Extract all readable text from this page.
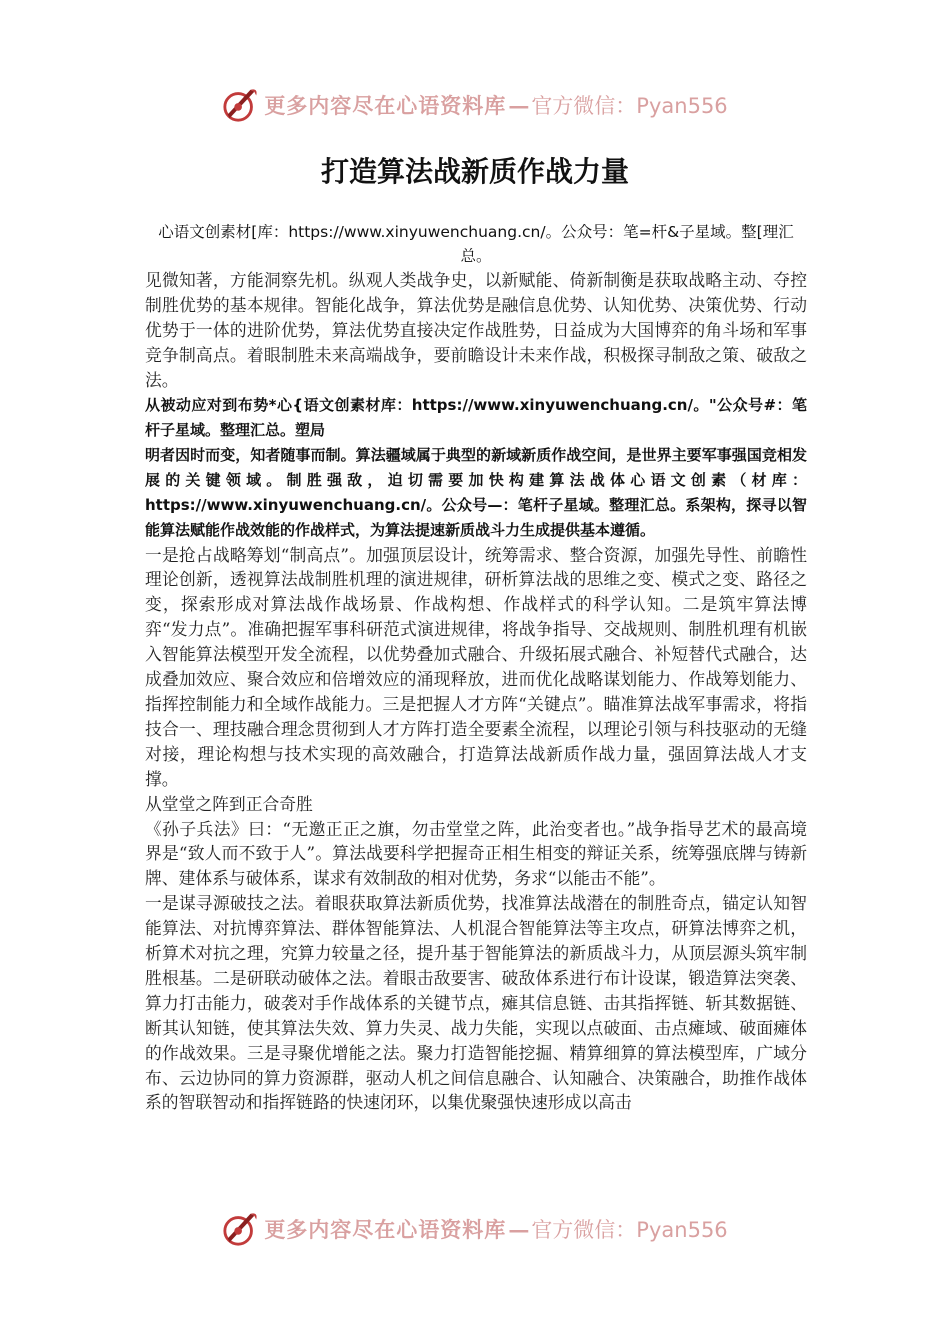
更多内容尽在心语资料库 — 官方微信：Pyan556
打造算法战新质作战力量

心语文创素材[库：https://www.xinyuwenchuang.cn/。公众号：笔=杆&子星域。整[理汇总。

见微知著，方能洞察先机。纵观人类战争史，以新赋能、倚新制衡是获取战略主动、夺控制胜优势的基本规律。智能化战争，算法优势是融信息优势、认知优势、决策优势、行动优势于一体的进阶优势，算法优势直接决定作战胜势，日益成为大国博弈的角斗场和军事竞争制高点。着眼制胜未来高端战争，要前瞻设计未来作战，积极探寻制敌之策、破敌之法。

从被动应对到布势*心{语文创素材库：https://www.xinyuwenchuang.cn/。"公众号#：笔杆子星域。整理汇总。塑局

明者因时而变，知者随事而制。算法疆域属于典型的新域新质作战空间，是世界主要军事强国竞相发展的关键领域。制胜强敌，迫切需要加快构建算法战体心语文创素（材库：https://www.xinyuwenchuang.cn/。公众号—：笔杆子星域。整理汇总。系架构，探寻以智能算法赋能作战效能的作战样式，为算法提速新质战斗力生成提供基本遵循。

一是抢占战略筹划“制高点”。加强顶层设计，统筹需求、整合资源，加强先导性、前瞻性理论创新，透视算法战制胜机理的演进规律，研析算法战的思维之变、模式之变、路径之变，探索形成对算法战作战场景、作战构想、作战样式的科学认知。二是筑牢算法博弈“发力点”。准确把握军事科研范式演进规律，将战争指导、交战规则、制胜机理有机嵌入智能算法模型开发全流程，以优势叠加式融合、升级拓展式融合、补短替代式融合，达成叠加效应、聚合效应和倍增效应的涌现释放，进而优化战略谋划能力、作战筹划能力、指挥控制能力和全域作战能力。三是把握人才方阵“关键点”。瞄准算法战军事需求，将指技合一、理技融合理念贯彻到人才方阵打造全要素全流程，以理论引领与科技驱动的无缝对接，理论构想与技术实现的高效融合，打造算法战新质作战力量，强固算法战人才支撑。

从堂堂之阵到正合奇胜

《孙子兵法》曰：“无邀正正之旗，勿击堂堂之阵，此治变者也。”战争指导艺术的最高境界是“致人而不致于人”。算法战要科学把握奇正相生相变的辩证关系，统筹强底牌与铸新牌、建体系与破体系，谋求有效制敌的相对优势，务求“以能击不能”。

一是谋寻源破技之法。着眼获取算法新质优势，找准算法战潜在的制胜奇点，锚定认知智能算法、对抗博弈算法、群体智能算法、人机混合智能算法等主攻点，研算法博弈之机，析算术对抗之理，究算力较量之径，提升基于智能算法的新质战斗力，从顶层源头筑牢制胜根基。二是研联动破体之法。着眼击敌要害、破敌体系进行布计设谋，锻造算法突袭、算力打击能力，破袭对手作战体系的关键节点，瘫其信息链、击其指挥链、斩其数据链、断其认知链，使其算法失效、算力失灵、战力失能，实现以点破面、击点瘫域、破面瘫体的作战效果。三是寻聚优增能之法。聚力打造智能挖掘、精算细算的算法模型库，广域分布、云边协同的算力资源群，驱动人机之间信息融合、认知融合、决策融合，助推作战体系的智联智动和指挥链路的快速闭环，以集优聚强快速形成以高击

更多内容尽在心语资料库 — 官方微信：Pyan556
